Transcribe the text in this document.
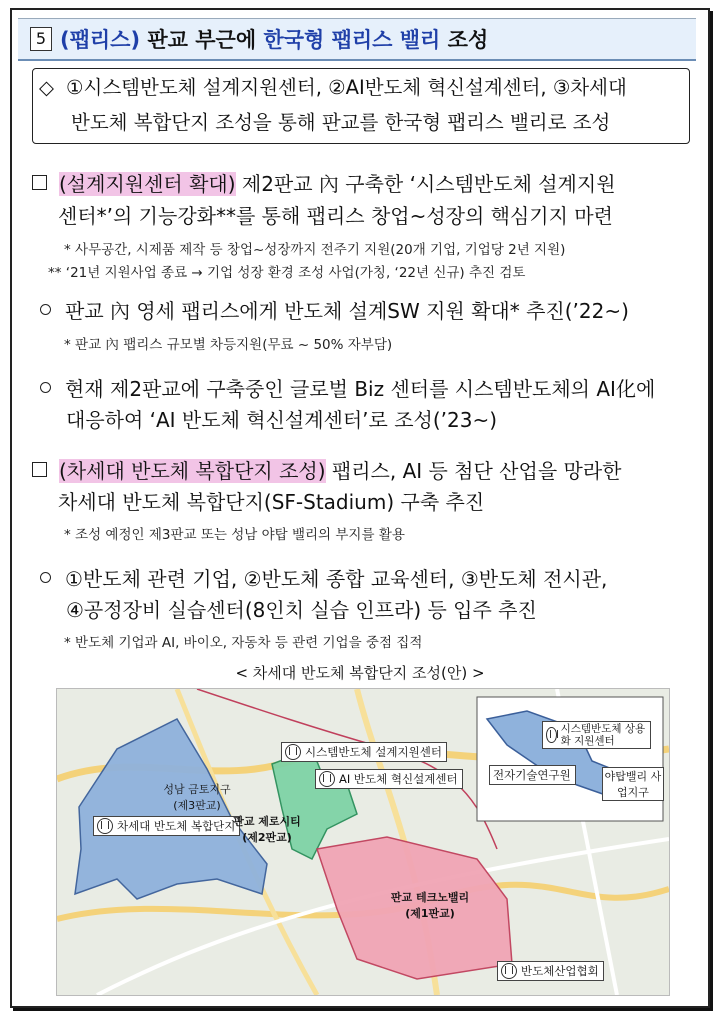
5 (팹리스) 판교 부근에 한국형 팹리스 밸리 조성
◇ ①시스템반도체 설계지원센터, ②AI반도체 혁신설계센터, ③차세대
반도체 복합단지 조성을 통해 판교를 한국형 팹리스 밸리로 조성
(설계지원센터 확대) 제2판교 內 구축한 ‘시스템반도체 설계지원
센터*’의 기능강화**를 통해 팹리스 창업~성장의 핵심기지 마련
* 사무공간, 시제품 제작 등 창업~성장까지 전주기 지원(20개 기업, 기업당 2년 지원)
** ‘21년 지원사업 종료 → 기업 성장 환경 조성 사업(가칭, ‘22년 신규) 추진 검토
판교 內 영세 팹리스에게 반도체 설계SW 지원 확대* 추진(’22~)
* 판교 內 팹리스 규모별 차등지원(무료 ~ 50% 자부담)
현재 제2판교에 구축중인 글로벌 Biz 센터를 시스템반도체의 AI化에
대응하여 ‘AI 반도체 혁신설계센터’로 조성(’23~)
(차세대 반도체 복합단지 조성) 팹리스, AI 등 첨단 산업을 망라한
차세대 반도체 복합단지(SF-Stadium) 구축 추진
* 조성 예정인 제3판교 또는 성남 야탑 밸리의 부지를 활용
①반도체 관련 기업, ②반도체 종합 교육센터, ③반도체 전시관,
④공정장비 실습센터(8인치 실습 인프라) 등 입주 추진
* 반도체 기업과 AI, 바이오, 자동차 등 관련 기업을 중점 집적
< 차세대 반도체 복합단지 조성(안) >
시스템반도체 설계지원센터
AI 반도체 혁신설계센터
차세대 반도체 복합단지
반도체산업협회
전자기술연구원
시스템반도체 상용화 지원센터
성남 금토지구 (제3판교)
판교 제로시티 (제2판교)
판교 테크노밸리 (제1판교)
야탑밸리 사업지구
